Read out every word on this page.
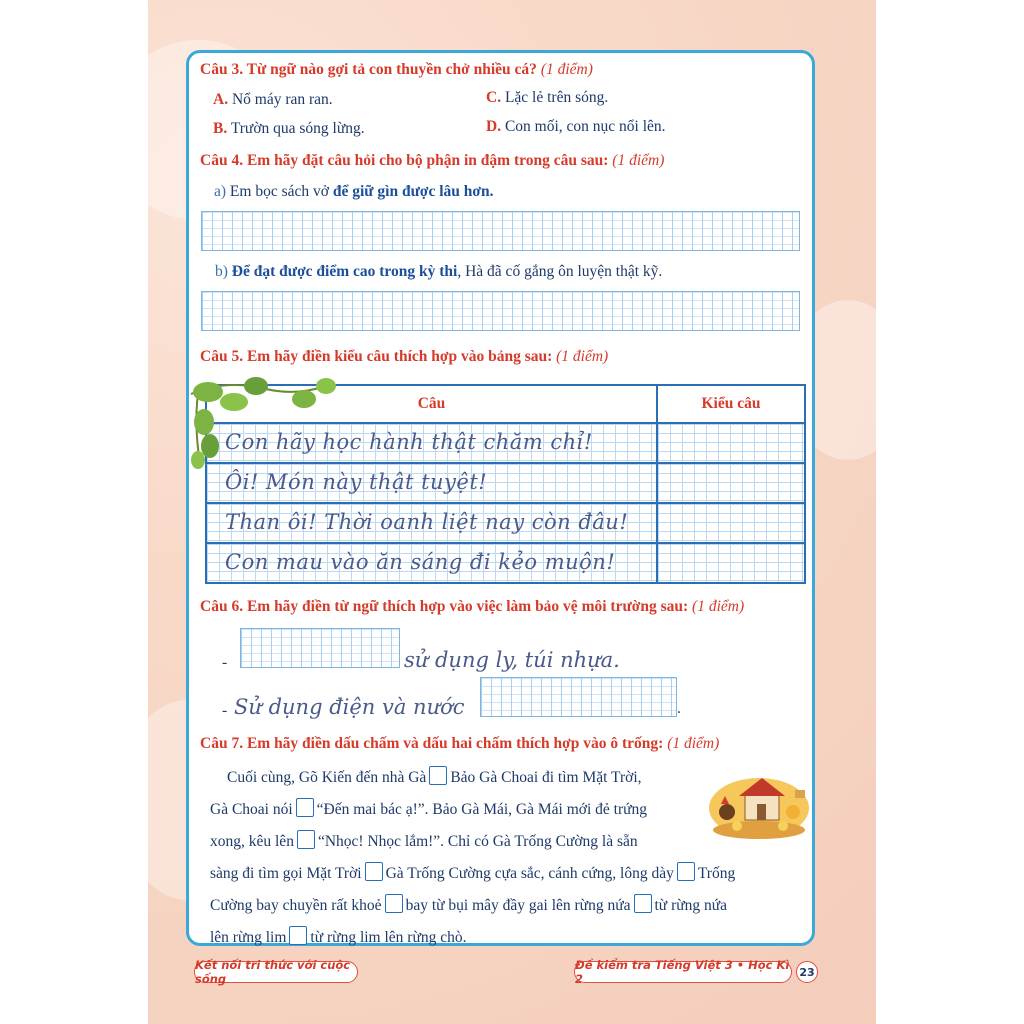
Câu 3. Từ ngữ nào gợi tả con thuyền chở nhiều cá? (1 điểm)
A. Nổ máy ran ran.	C. Lặc lẻ trên sóng.
B. Trườn qua sóng lừng.	D. Con mối, con nục nổi lên.
Câu 4. Em hãy đặt câu hỏi cho bộ phận in đậm trong câu sau: (1 điểm)
a) Em bọc sách vở để giữ gìn được lâu hơn.
b) Để đạt được điểm cao trong kỳ thi, Hà đã cố gắng ôn luyện thật kỹ.
Câu 5. Em hãy điền kiểu câu thích hợp vào bảng sau: (1 điểm)
Câu	Kiểu câu

Con hãy học hành thật chăm chỉ!	

Ôi! Món này thật tuyệt!	

Than ôi! Thời oanh liệt nay còn đâu!	

Con mau vào ăn sáng đi kẻo muộn!	

Câu 6. Em hãy điền từ ngữ thích hợp vào việc làm bảo vệ môi trường sau: (1 điểm)
-	sử dụng ly, túi nhựa.
- Sử dụng điện và nước	.
Câu 7. Em hãy điền dấu chấm và dấu hai chấm thích hợp vào ô trống: (1 điểm)
Cuối cùng, Gõ Kiến đến nhà Gà Bảo Gà Choai đi tìm Mặt Trời,
Gà Choai nói “Đến mai bác ạ!”. Bảo Gà Mái, Gà Mái mới đẻ trứng
xong, kêu lên “Nhọc! Nhọc lắm!”. Chỉ có Gà Trống Cường là sẵn
sàng đi tìm gọi Mặt Trời Gà Trống Cường cựa sắc, cánh cứng, lông dày Trống
Cường bay chuyền rất khoẻ bay từ bụi mây đầy gai lên rừng nứa từ rừng nứa
lên rừng lim từ rừng lim lên rừng chò.
Kết nối tri thức với cuộc sống
Đề kiểm tra Tiếng Việt 3 • Học Kì 2	23
